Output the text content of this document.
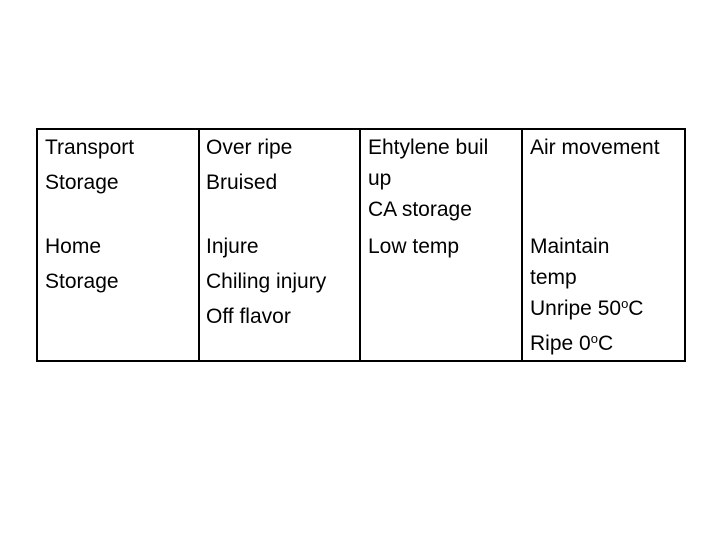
Transport
Storage
Over ripe
Bruised
Ehtylene buil
up
CA storage
Air movement
Home
Storage
Injure
Chiling injury
Off flavor
Low temp	Maintain
temp
Unripe 50$^o$C
Ripe 0$^o$C
